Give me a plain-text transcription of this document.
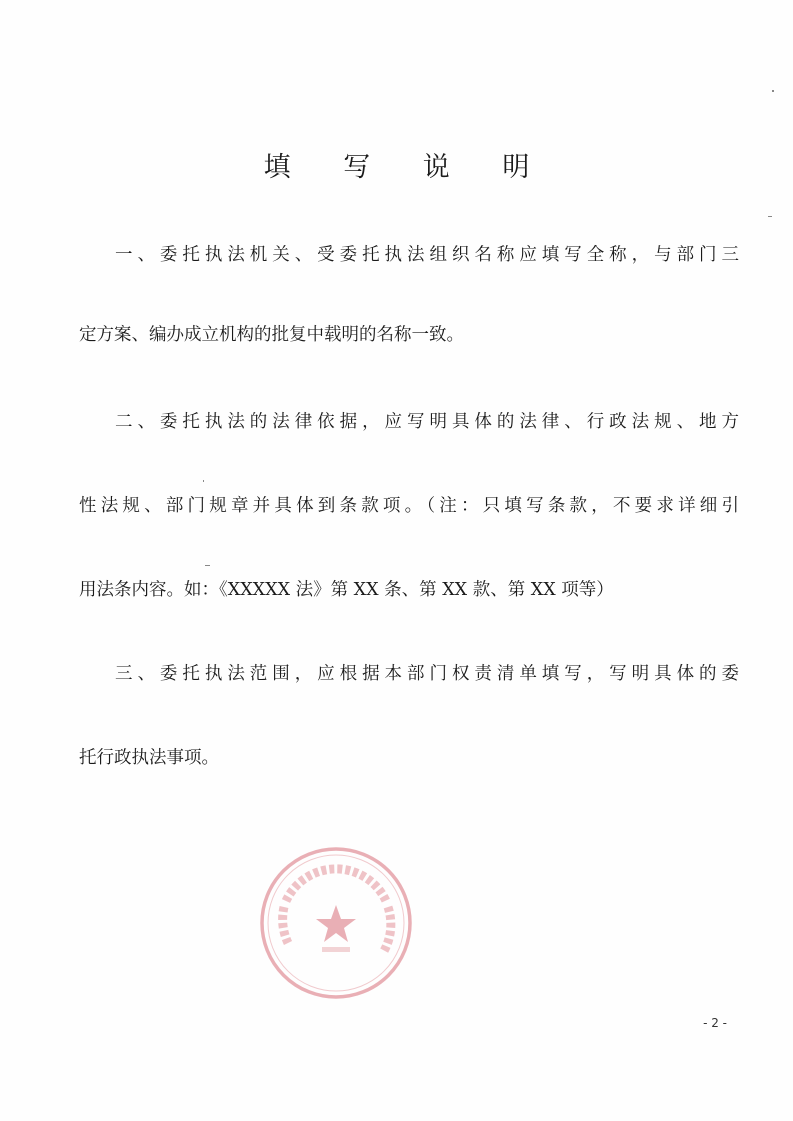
填 写 说 明

一、委托执法机关、受委托执法组织名称应填写全称，与部门三

定方案、编办成立机构的批复中载明的名称一致。

二、委托执法的法律依据，应写明具体的法律、行政法规、地方

性法规、部门规章并具体到条款项。（注：只填写条款，不要求详细引

用法条内容。如：《XXXXX 法》第 XX 条、第 XX 款、第 XX 项等）

三、委托执法范围，应根据本部门权责清单填写，写明具体的委

托行政执法事项。

- 2 -
